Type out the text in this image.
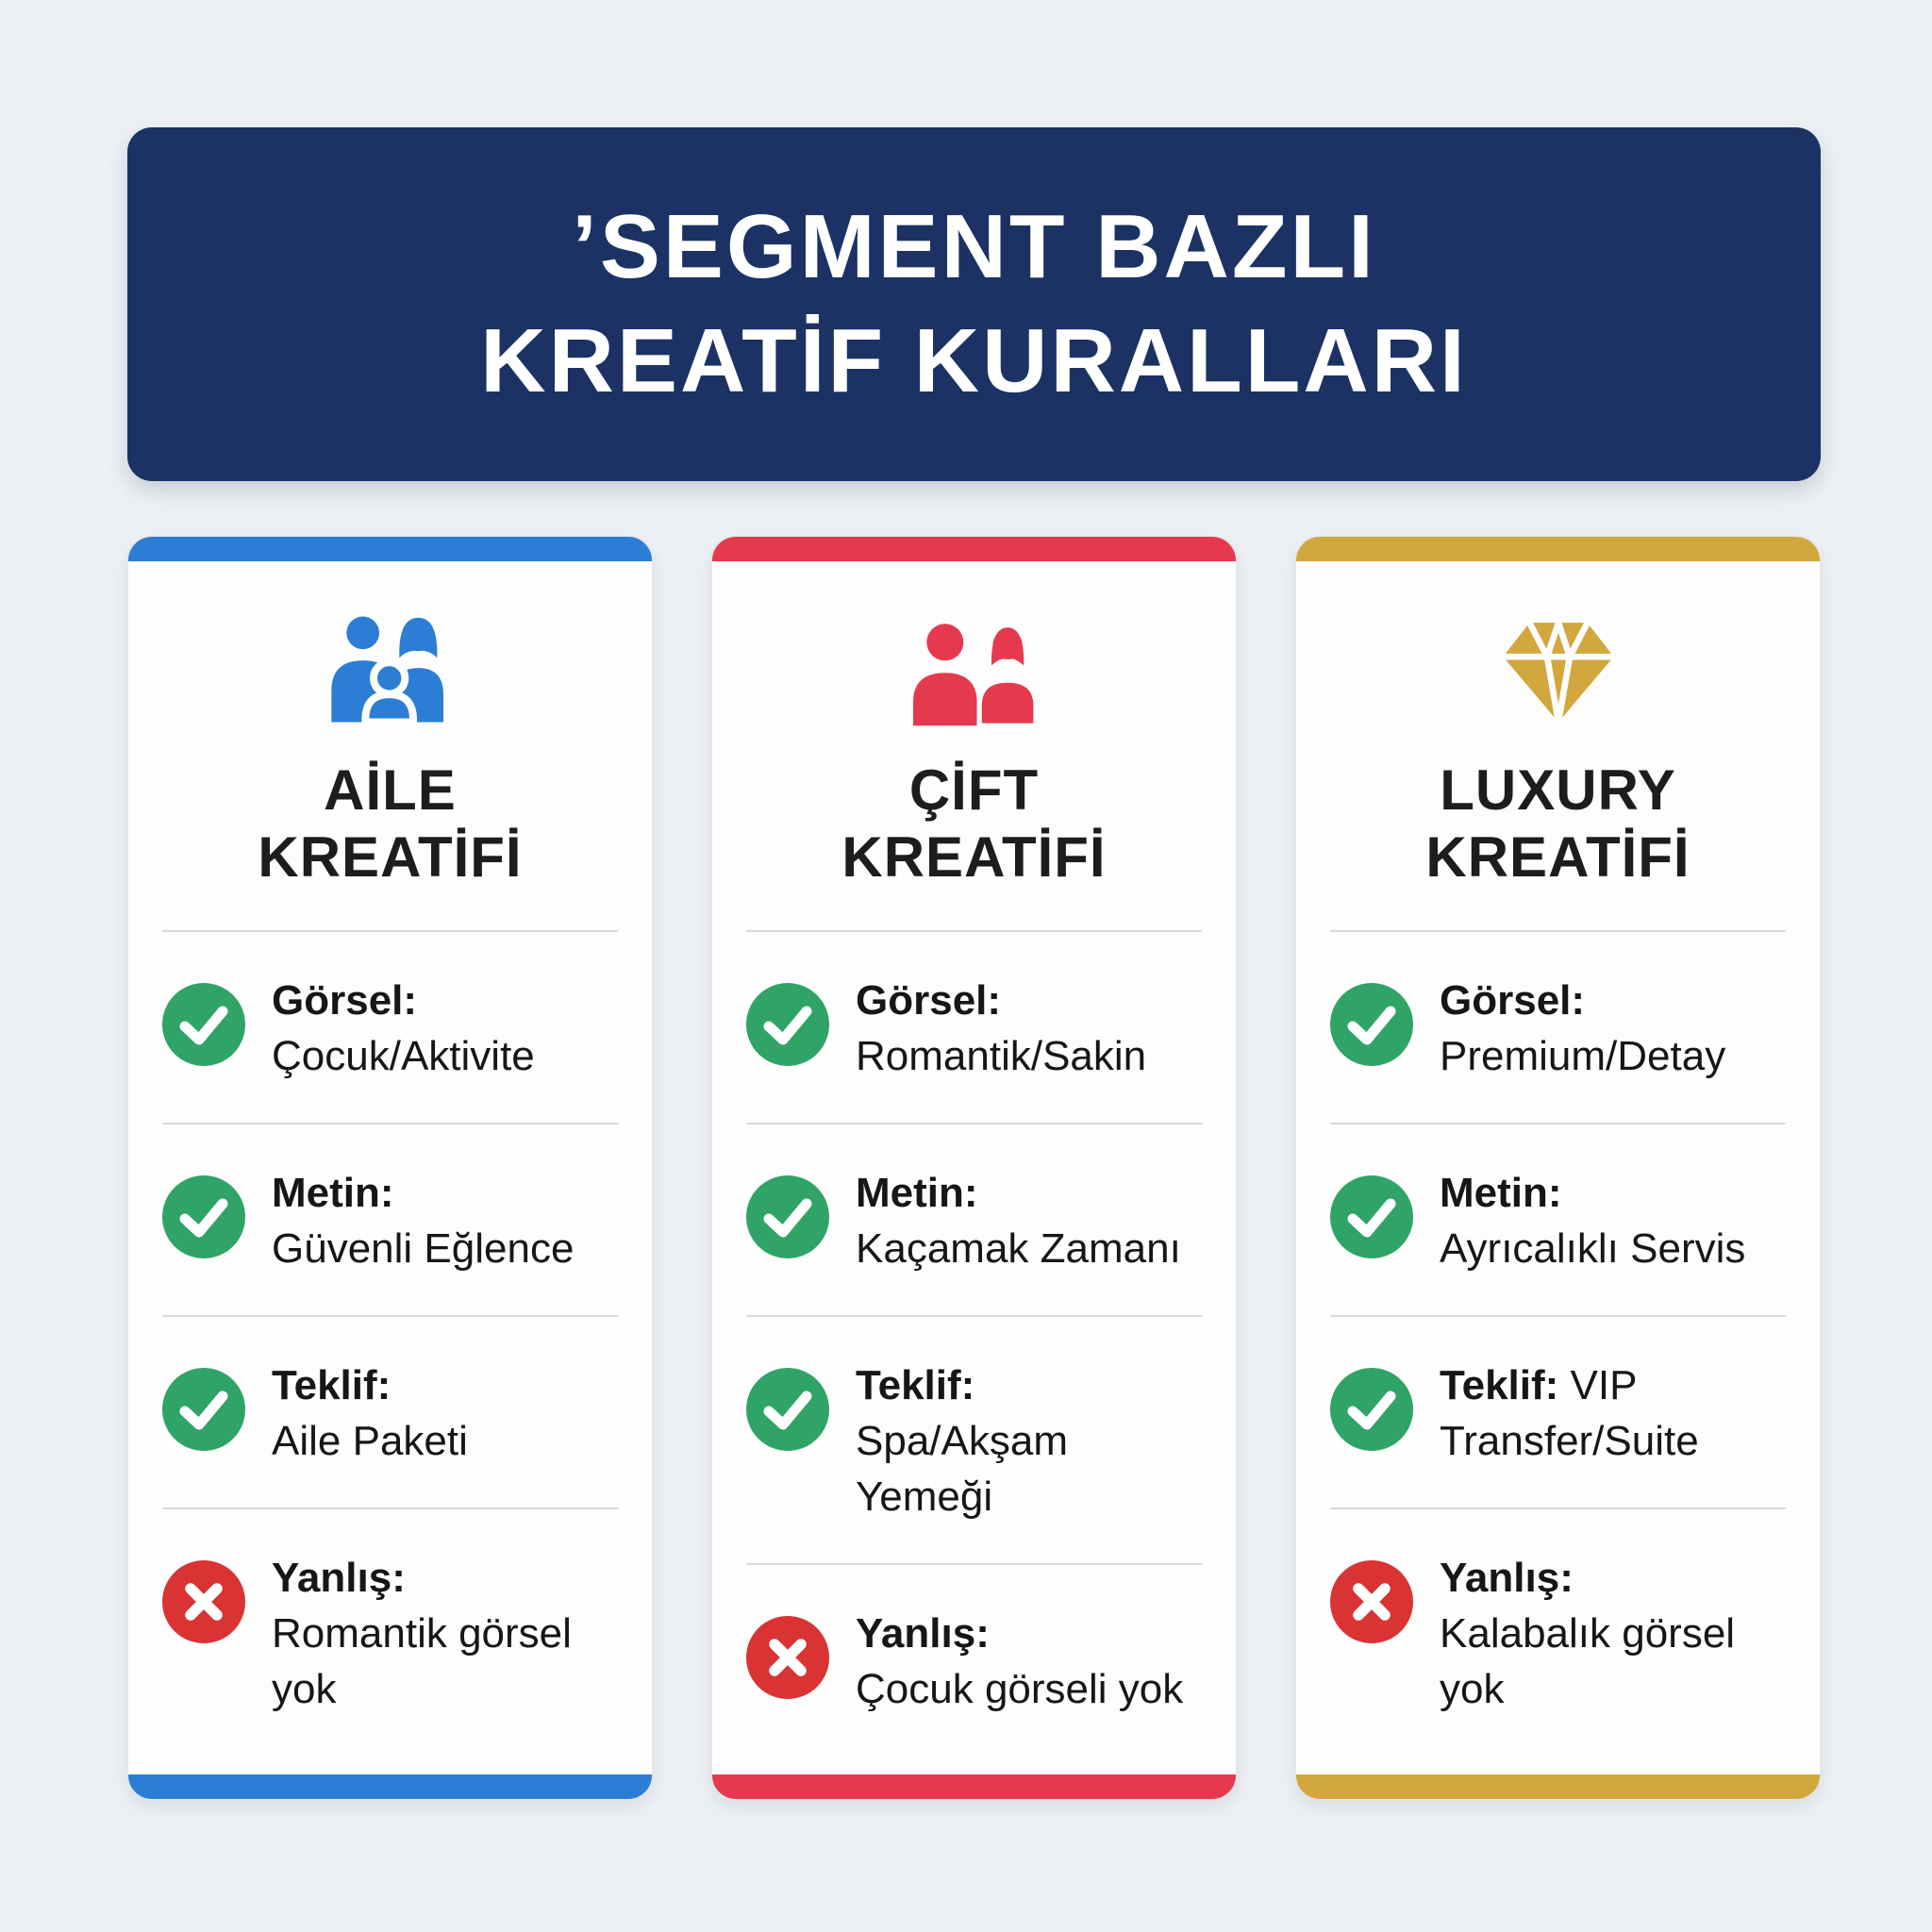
’SEGMENT BAZLI
KREATİF KURALLARI
AİLE
KREATİFİ
Görsel:
Çocuk/Aktivite
Metin:
Güvenli Eğlence
Teklif:
Aile Paketi
Yanlış:
Romantik görsel yok
ÇİFT
KREATİFİ
Görsel:
Romantik/Sakin
Metin:
Kaçamak Zamanı
Teklif:
Spa/Akşam Yemeği
Yanlış:
Çocuk görseli yok
LUXURY
KREATİFİ
Görsel:
Premium/Detay
Metin:
Ayrıcalıklı Servis
Teklif: VIP Transfer/Suite
Yanlış:
Kalabalık görsel yok
